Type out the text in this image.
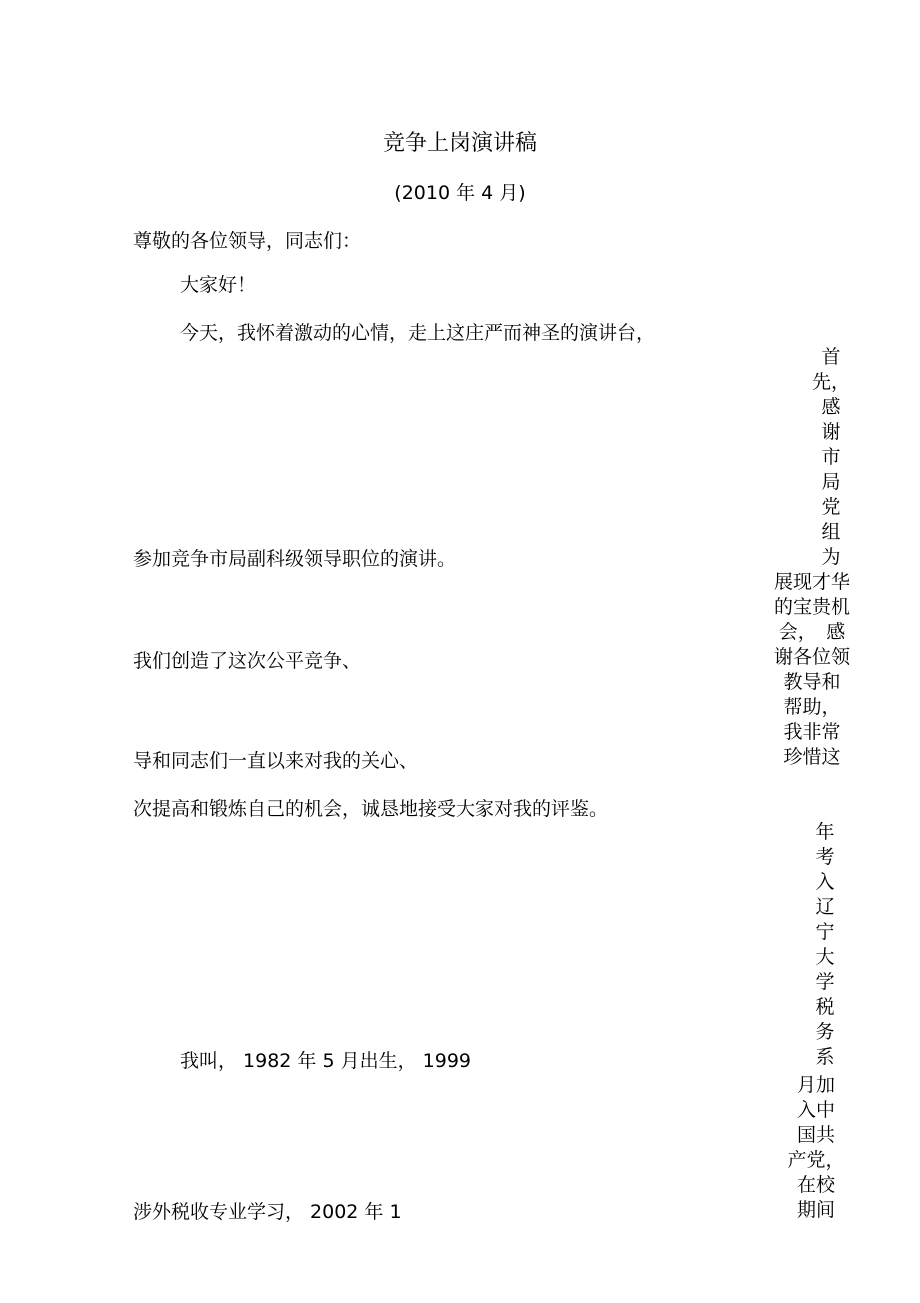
竞争上岗演讲稿
(2010 年 4 月)
尊敬的各位领导，同志们：
大家好！
今天，我怀着激动的心情，走上这庄严而神圣的演讲台，
参加竞争市局副科级领导职位的演讲。
我们创造了这次公平竞争、
导和同志们一直以来对我的关心、
次提高和锻炼自己的机会，诚恳地接受大家对我的评鉴。
我叫， 1982 年 5 月出生， 1999
涉外税收专业学习， 2002 年 1
首
先，
感
谢
市
局
党
组
为
展现才华
的宝贵机
会，　感
谢各位领
教导和
帮助，
我非常
珍惜这
年
考
入
辽
宁
大
学
税
务
系
月加
入中
国共
产党，
在校
期间
